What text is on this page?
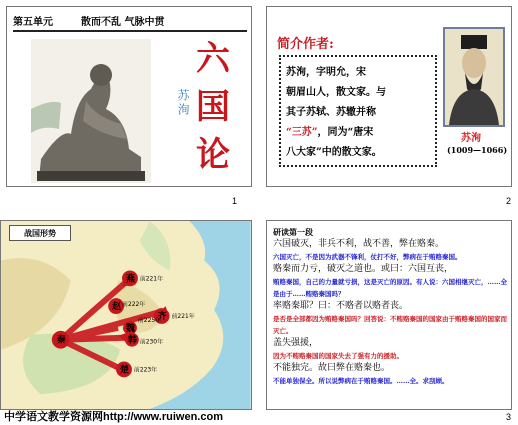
第五单元	散而不乱 气脉中贯
苏洵
六
国
论
1
简介作者:
苏洵，字明允，宋
朝眉山人，散文家。与
其子苏轼、苏辙并称
“三苏”，同为“唐宋
八大家”中的散文家。
苏洵
(1009—1066)
2
燕
赵
魏
韩
齐
秦
楚
前221年
前222年
前225年
前230年
前223年
前221年
战国形势	研读第一段
六国破灭，非兵不利，战不善，弊在赂秦。
六国灭亡，不是因为武器不锋利，仗打不好，弊病在于贿赂秦国。
赂秦而力亏，破灭之道也。或曰：六国互丧，
贿赂秦国，自己的力量就亏损，这是灭亡的原因。有人说：六国相继灭亡，……全是由于……贿赂秦国吗？
率赂秦耶？曰：不赂者以赂者丧。
是否是全部都因为贿赂秦国吗？回答说：不贿赂秦国的国家由于贿赂秦国的国家而灭亡。
盖失强援，
因为不贿赂秦国的国家失去了强有力的援助。
不能独完。故曰弊在赂秦也。
不能单独保全。所以说弊病在于贿赂秦国。……全。求刮顾。
3
中学语文教学资源网http://www.ruiwen.com
